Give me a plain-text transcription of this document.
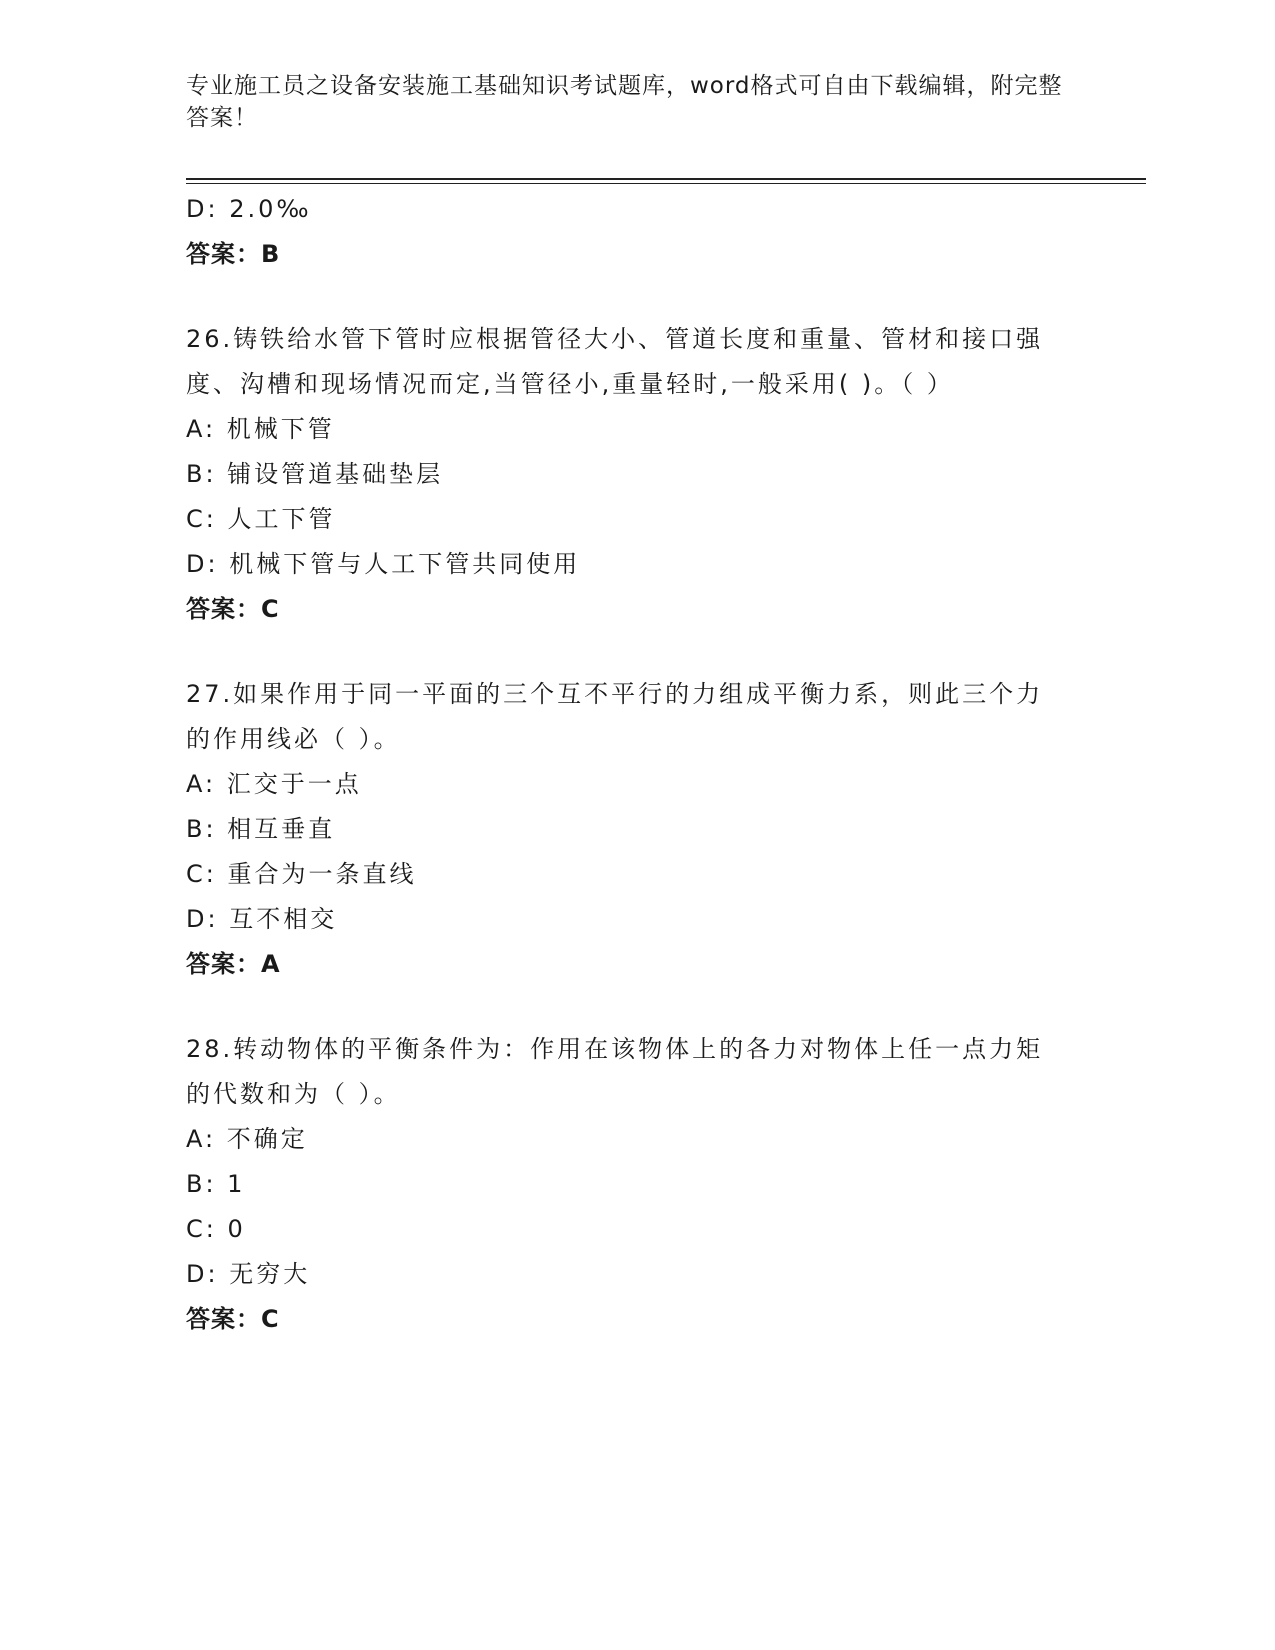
专业施工员之设备安装施工基础知识考试题库，word格式可自由下载编辑，附完整答案！
D: 2.0‰
答案：B
26.铸铁给水管下管时应根据管径大小、管道长度和重量、管材和接口强度、沟槽和现场情况而定,当管径小,重量轻时,一般采用( )。（ ）
A: 机械下管
B: 铺设管道基础垫层
C: 人工下管
D: 机械下管与人工下管共同使用
答案：C
27.如果作用于同一平面的三个互不平行的力组成平衡力系，则此三个力的作用线必（ ）。
A: 汇交于一点
B: 相互垂直
C: 重合为一条直线
D: 互不相交
答案：A
28.转动物体的平衡条件为：作用在该物体上的各力对物体上任一点力矩的代数和为（ ）。
A: 不确定
B: 1
C: 0
D: 无穷大
答案：C
